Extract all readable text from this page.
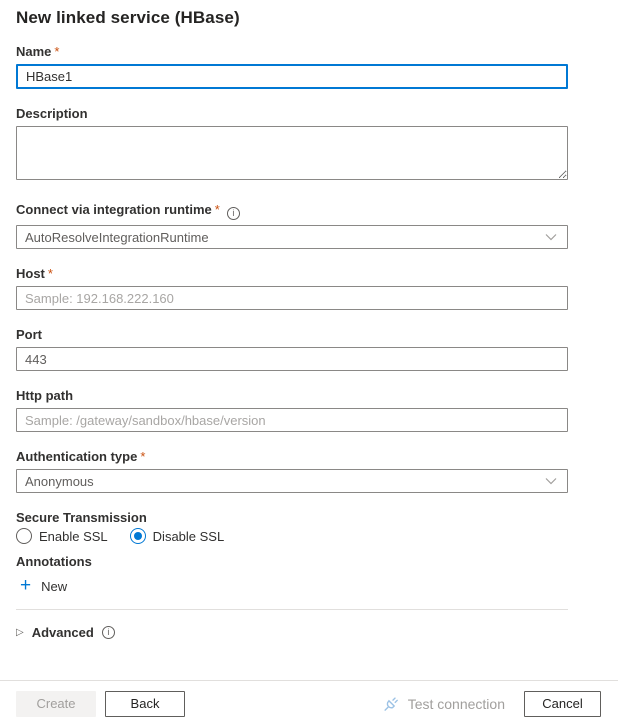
New linked service (HBase)
Name *
HBase1
Description
Connect via integration runtime * i
AutoResolveIntegrationRuntime
Host *
Sample: 192.168.222.160
Port
443
Http path
Sample: /gateway/sandbox/hbase/version
Authentication type *
Anonymous
Secure Transmission
Enable SSL	Disable SSL
Annotations
+ New
▷ Advanced	i
Create	Back	Test connection	Cancel
